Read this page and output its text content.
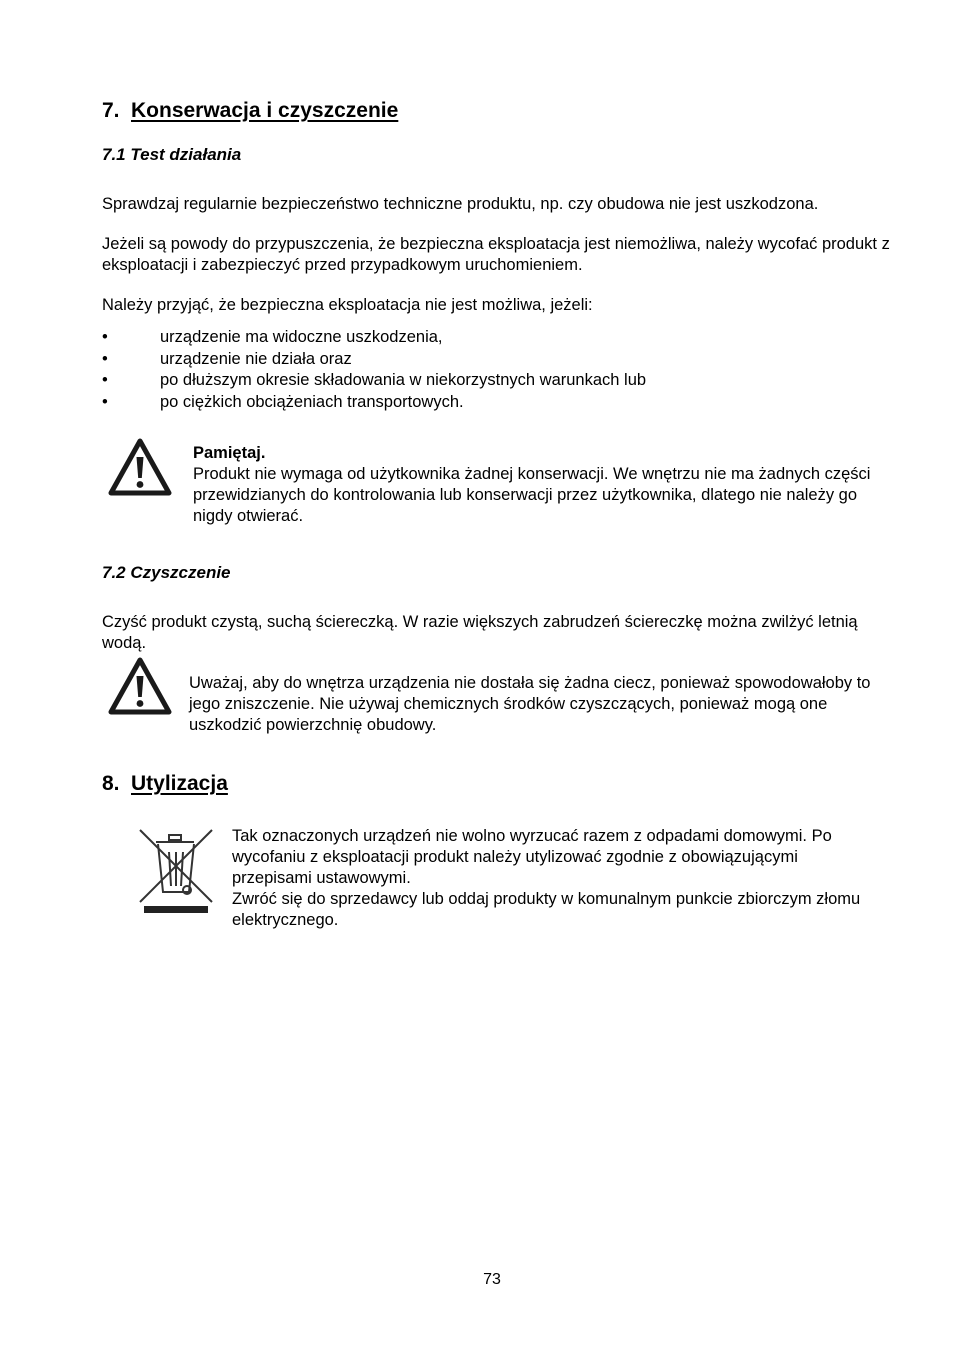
7. Konserwacja i czyszczenie
7.1 Test działania
Sprawdzaj regularnie bezpieczeństwo techniczne produktu, np. czy obudowa nie jest uszkodzona.
Jeżeli są powody do przypuszczenia, że bezpieczna eksploatacja jest niemożliwa, należy wycofać produkt z eksploatacji i zabezpieczyć przed przypadkowym uruchomieniem.
Należy przyjąć, że bezpieczna eksploatacja nie jest możliwa, jeżeli:
•	urządzenie ma widoczne uszkodzenia,
•	urządzenie nie działa oraz
•	po dłuższym okresie składowania w niekorzystnych warunkach lub
•	po ciężkich obciążeniach transportowych.
Pamiętaj.
Produkt nie wymaga od użytkownika żadnej konserwacji. We wnętrzu nie ma żadnych części przewidzianych do kontrolowania lub konserwacji przez użytkownika, dlatego nie należy go nigdy otwierać.
7.2 Czyszczenie
Czyść produkt czystą, suchą ściereczką. W razie większych zabrudzeń ściereczkę można zwilżyć letnią wodą.
Uważaj, aby do wnętrza urządzenia nie dostała się żadna ciecz, ponieważ spowodowałoby to jego zniszczenie. Nie używaj chemicznych środków czyszczących, ponieważ mogą one uszkodzić powierzchnię obudowy.
8. Utylizacja
Tak oznaczonych urządzeń nie wolno wyrzucać razem z odpadami domowymi. Po wycofaniu z eksploatacji produkt należy utylizować zgodnie z obowiązującymi przepisami ustawowymi.
Zwróć się do sprzedawcy lub oddaj produkty w komunalnym punkcie zbiorczym złomu elektrycznego.
73
